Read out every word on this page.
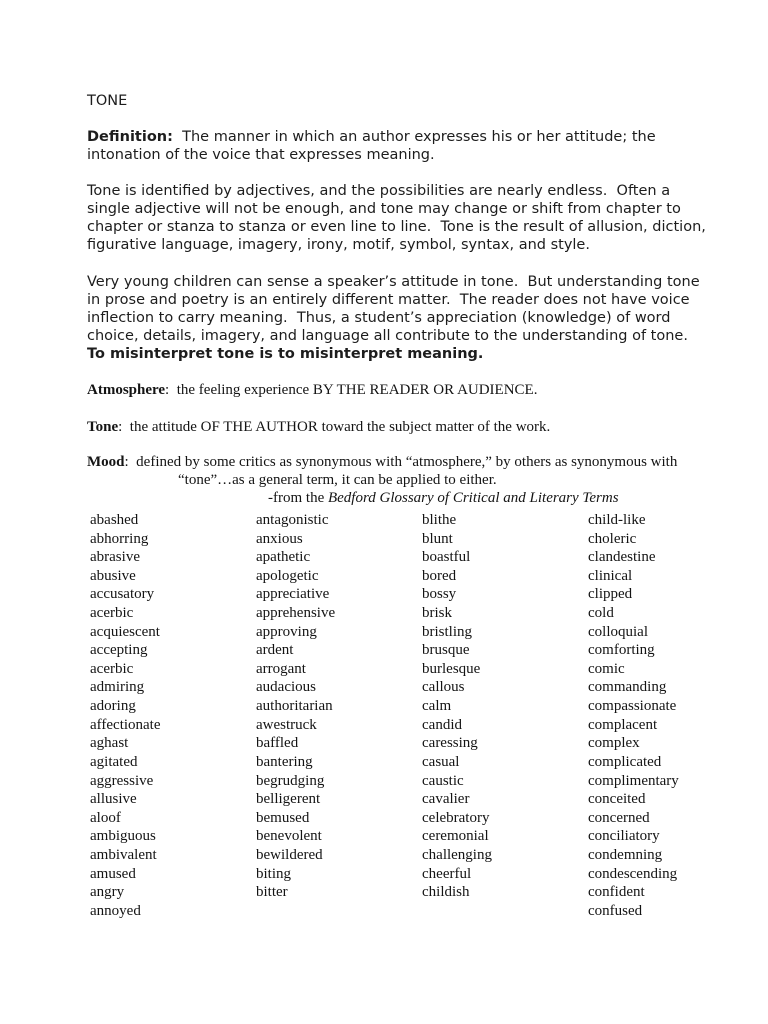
TONE
Definition:  The manner in which an author expresses his or her attitude; the
intonation of the voice that expresses meaning.
Tone is identified by adjectives, and the possibilities are nearly endless.  Often a
single adjective will not be enough, and tone may change or shift from chapter to
chapter or stanza to stanza or even line to line.  Tone is the result of allusion, diction,
figurative language, imagery, irony, motif, symbol, syntax, and style.
Very young children can sense a speaker’s attitude in tone.  But understanding tone
in prose and poetry is an entirely different matter.  The reader does not have voice
inflection to carry meaning.  Thus, a student’s appreciation (knowledge) of word
choice, details, imagery, and language all contribute to the understanding of tone.
To misinterpret tone is to misinterpret meaning.
Atmosphere:  the feeling experience BY THE READER OR AUDIENCE.
Tone:  the attitude OF THE AUTHOR toward the subject matter of the work.
Mood:  defined by some critics as synonymous with “atmosphere,” by others as synonymous with
“tone”…as a general term, it can be applied to either.
-from the Bedford Glossary of Critical and Literary Terms
abashed
abhorring
abrasive
abusive
accusatory
acerbic
acquiescent
accepting
acerbic
admiring
adoring
affectionate
aghast
agitated
aggressive
allusive
aloof
ambiguous
ambivalent
amused
angry
annoyed
antagonistic
anxious
apathetic
apologetic
appreciative
apprehensive
approving
ardent
arrogant
audacious
authoritarian
awestruck
baffled
bantering
begrudging
belligerent
bemused
benevolent
bewildered
biting
bitter
blithe
blunt
boastful
bored
bossy
brisk
bristling
brusque
burlesque
callous
calm
candid
caressing
casual
caustic
cavalier
celebratory
ceremonial
challenging
cheerful
childish
child-like
choleric
clandestine
clinical
clipped
cold
colloquial
comforting
comic
commanding
compassionate
complacent
complex
complicated
complimentary
conceited
concerned
conciliatory
condemning
condescending
confident
confused
